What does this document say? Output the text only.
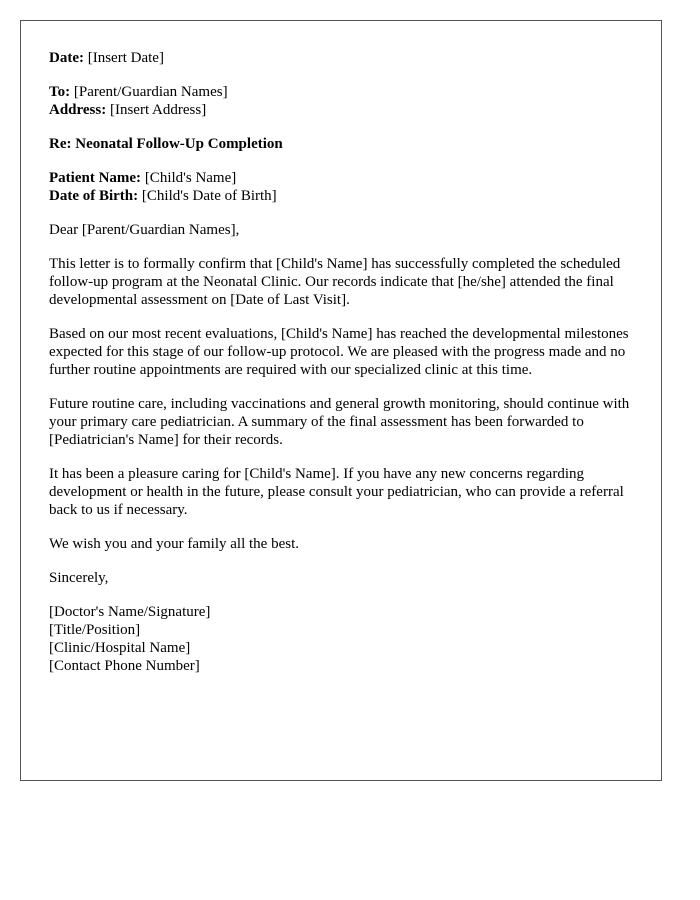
Date: [Insert Date]

To: [Parent/Guardian Names]
Address: [Insert Address]

Re: Neonatal Follow-Up Completion

Patient Name: [Child's Name]
Date of Birth: [Child's Date of Birth]

Dear [Parent/Guardian Names],

This letter is to formally confirm that [Child's Name] has successfully completed the scheduled follow-up program at the Neonatal Clinic. Our records indicate that [he/she] attended the final developmental assessment on [Date of Last Visit].

Based on our most recent evaluations, [Child's Name] has reached the developmental milestones expected for this stage of our follow-up protocol. We are pleased with the progress made and no further routine appointments are required with our specialized clinic at this time.

Future routine care, including vaccinations and general growth monitoring, should continue with your primary care pediatrician. A summary of the final assessment has been forwarded to [Pediatrician's Name] for their records.

It has been a pleasure caring for [Child's Name]. If you have any new concerns regarding development or health in the future, please consult your pediatrician, who can provide a referral back to us if necessary.

We wish you and your family all the best.

Sincerely,

[Doctor's Name/Signature]
[Title/Position]
[Clinic/Hospital Name]
[Contact Phone Number]
